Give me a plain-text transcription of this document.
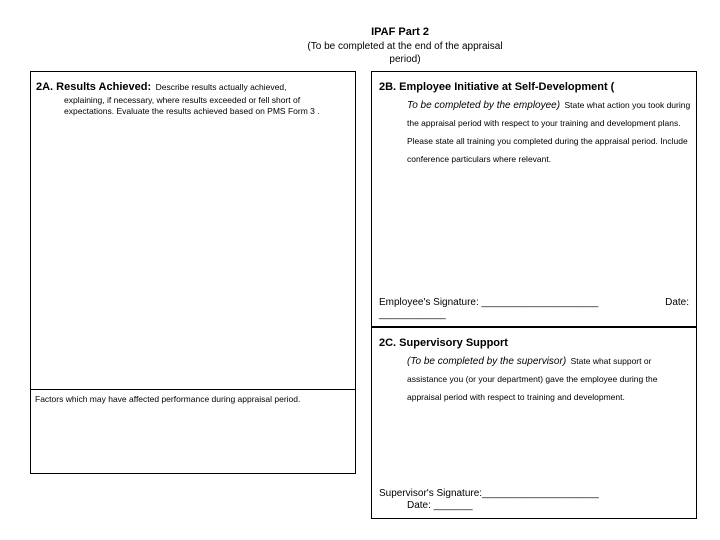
IPAF Part 2
(To be completed at the end of the appraisal period)
2A. Results Achieved: Describe results actually achieved,
explaining, if necessary, where results exceeded or fell short of expectations. Evaluate the results achieved based on PMS Form 3 .
Factors which may have affected performance during appraisal period.
2B. Employee Initiative at Self-Development (
To be completed by the employee) State what action you took during the appraisal period with respect to your training and development plans. Please state all training you completed during the appraisal period. Include conference particulars where relevant.
Employee's Signature: _____________________	Date:
____________
2C. Supervisory Support
(To be completed by the supervisor) State what support or assistance you (or your department) gave the employee during the appraisal period with respect to training and development.
Supervisor's Signature:_____________________
Date: _______
